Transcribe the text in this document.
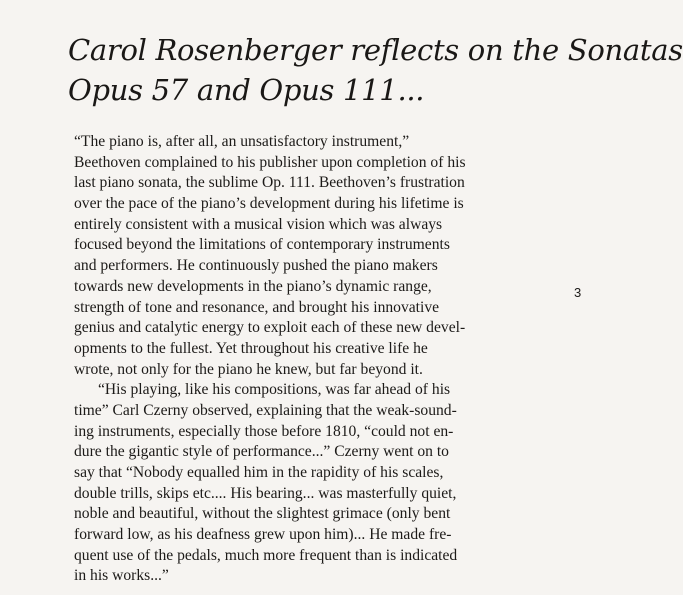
Carol Rosenberger reflects on the Sonatas
Opus 57 and Opus 111...
“The piano is, after all, an unsatisfactory instrument,”
Beethoven complained to his publisher upon completion of his
last piano sonata, the sublime Op. 111. Beethoven’s frustration
over the pace of the piano’s development during his lifetime is
entirely consistent with a musical vision which was always
focused beyond the limitations of contemporary instruments
and performers. He continuously pushed the piano makers
towards new developments in the piano’s dynamic range,
strength of tone and resonance, and brought his innovative
genius and catalytic energy to exploit each of these new devel-
opments to the fullest. Yet throughout his creative life he
wrote, not only for the piano he knew, but far beyond it.
“His playing, like his compositions, was far ahead of his
time” Carl Czerny observed, explaining that the weak-sound-
ing instruments, especially those before 1810, “could not en-
dure the gigantic style of performance...” Czerny went on to
say that “Nobody equalled him in the rapidity of his scales,
double trills, skips etc.... His bearing... was masterfully quiet,
noble and beautiful, without the slightest grimace (only bent
forward low, as his deafness grew upon him)... He made fre-
quent use of the pedals, much more frequent than is indicated
in his works...”
3
